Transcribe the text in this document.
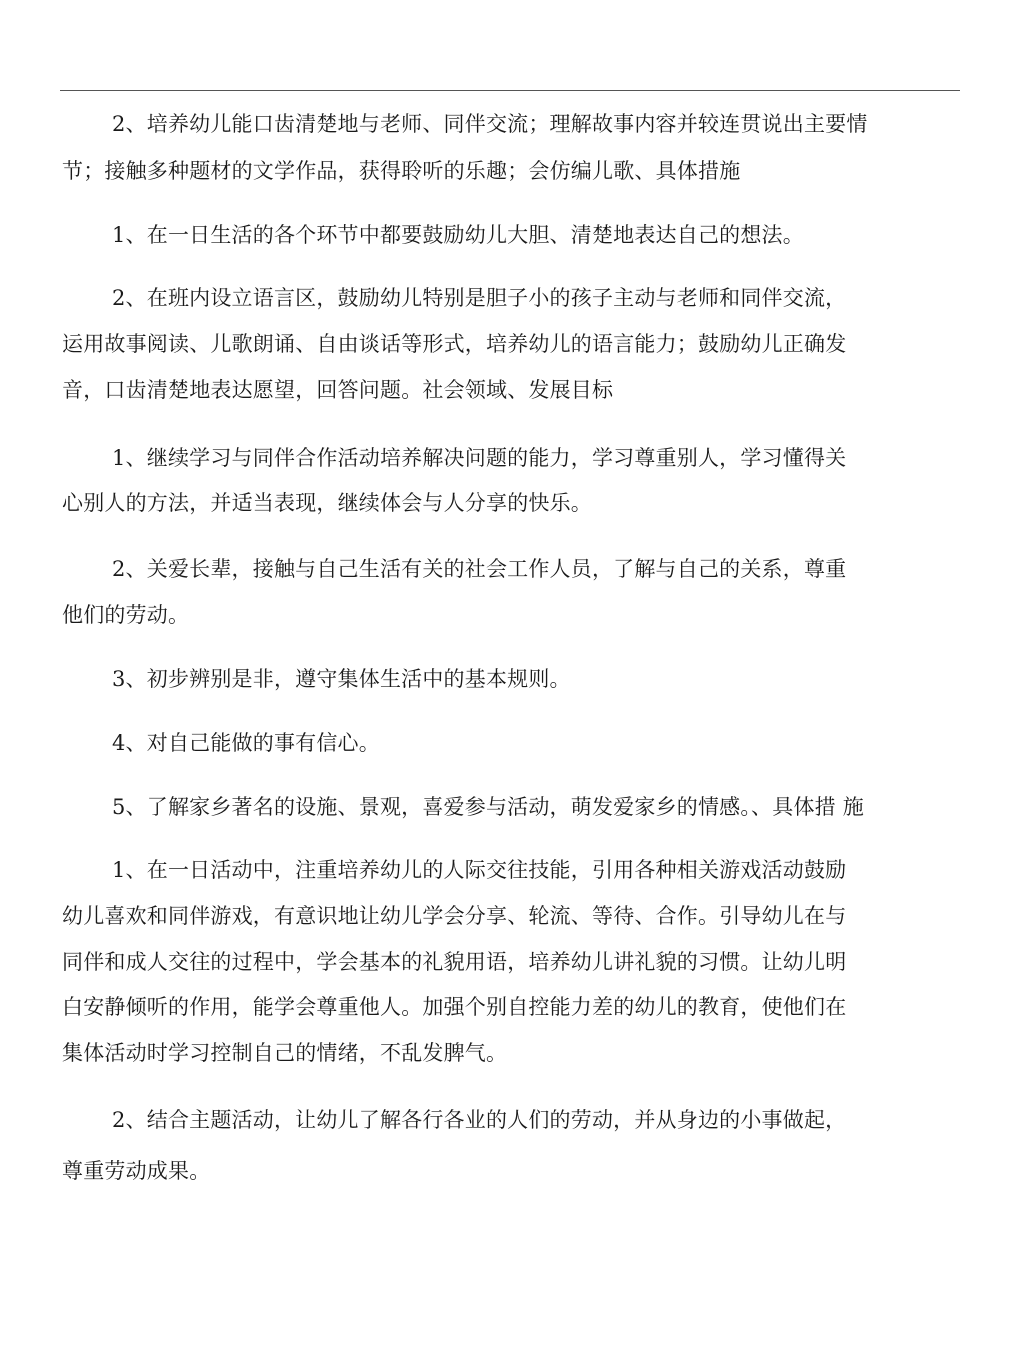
2、培养幼儿能口齿清楚地与老师、同伴交流；理解故事内容并较连贯说出主要情
节；接触多种题材的文学作品，获得聆听的乐趣；会仿编儿歌、具体措施
1、在一日生活的各个环节中都要鼓励幼儿大胆、清楚地表达自己的想法。
2、在班内设立语言区，鼓励幼儿特别是胆子小的孩子主动与老师和同伴交流，
运用故事阅读、儿歌朗诵、自由谈话等形式，培养幼儿的语言能力；鼓励幼儿正确发
音，口齿清楚地表达愿望，回答问题。社会领域、发展目标
1、继续学习与同伴合作活动培养解决问题的能力，学习尊重别人，学习懂得关
心别人的方法，并适当表现，继续体会与人分享的快乐。
2、关爱长辈，接触与自己生活有关的社会工作人员，了解与自己的关系，尊重
他们的劳动。
3、初步辨别是非，遵守集体生活中的基本规则。
4、对自己能做的事有信心。
5、了解家乡著名的设施、景观，喜爱参与活动，萌发爱家乡的情感。、具体措 施
1、在一日活动中，注重培养幼儿的人际交往技能，引用各种相关游戏活动鼓励
幼儿喜欢和同伴游戏，有意识地让幼儿学会分享、轮流、等待、合作。引导幼儿在与
同伴和成人交往的过程中，学会基本的礼貌用语，培养幼儿讲礼貌的习惯。让幼儿明
白安静倾听的作用，能学会尊重他人。加强个别自控能力差的幼儿的教育，使他们在
集体活动时学习控制自己的情绪，不乱发脾气。
2、结合主题活动，让幼儿了解各行各业的人们的劳动，并从身边的小事做起，
尊重劳动成果。
